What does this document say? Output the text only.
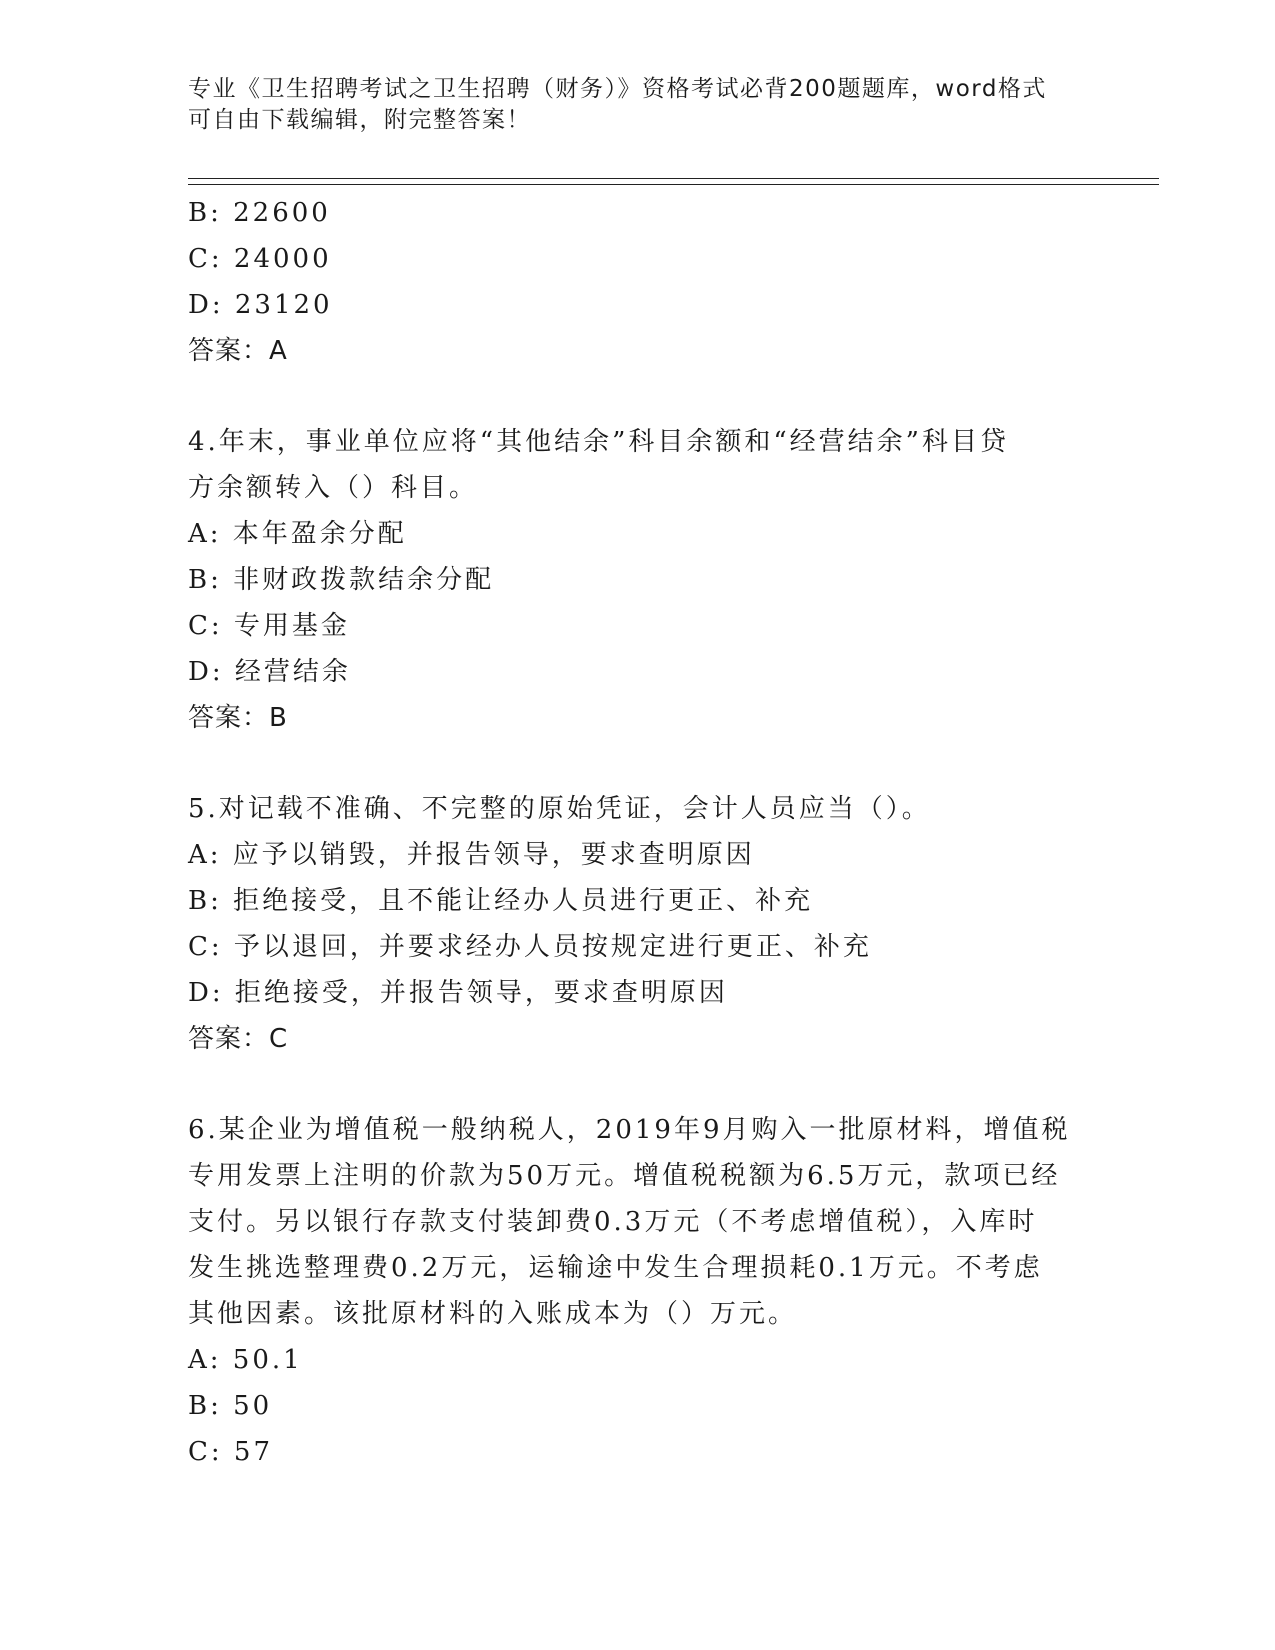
专业《卫生招聘考试之卫生招聘（财务）》资格考试必背200题题库，word格式
可自由下载编辑，附完整答案！
B: 22600
C: 24000
D: 23120
答案：A
4.年末，事业单位应将“其他结余”科目余额和“经营结余”科目贷
方余额转入（）科目。
A: 本年盈余分配
B: 非财政拨款结余分配
C: 专用基金
D: 经营结余
答案：B
5.对记载不准确、不完整的原始凭证，会计人员应当（）。
A: 应予以销毁，并报告领导，要求查明原因
B: 拒绝接受，且不能让经办人员进行更正、补充
C: 予以退回，并要求经办人员按规定进行更正、补充
D: 拒绝接受，并报告领导，要求查明原因
答案：C
6.某企业为增值税一般纳税人，2019年9月购入一批原材料，增值税
专用发票上注明的价款为50万元。增值税税额为6.5万元，款项已经
支付。另以银行存款支付装卸费0.3万元（不考虑增值税），入库时
发生挑选整理费0.2万元，运输途中发生合理损耗0.1万元。不考虑
其他因素。该批原材料的入账成本为（）万元。
A: 50.1
B: 50
C: 57
